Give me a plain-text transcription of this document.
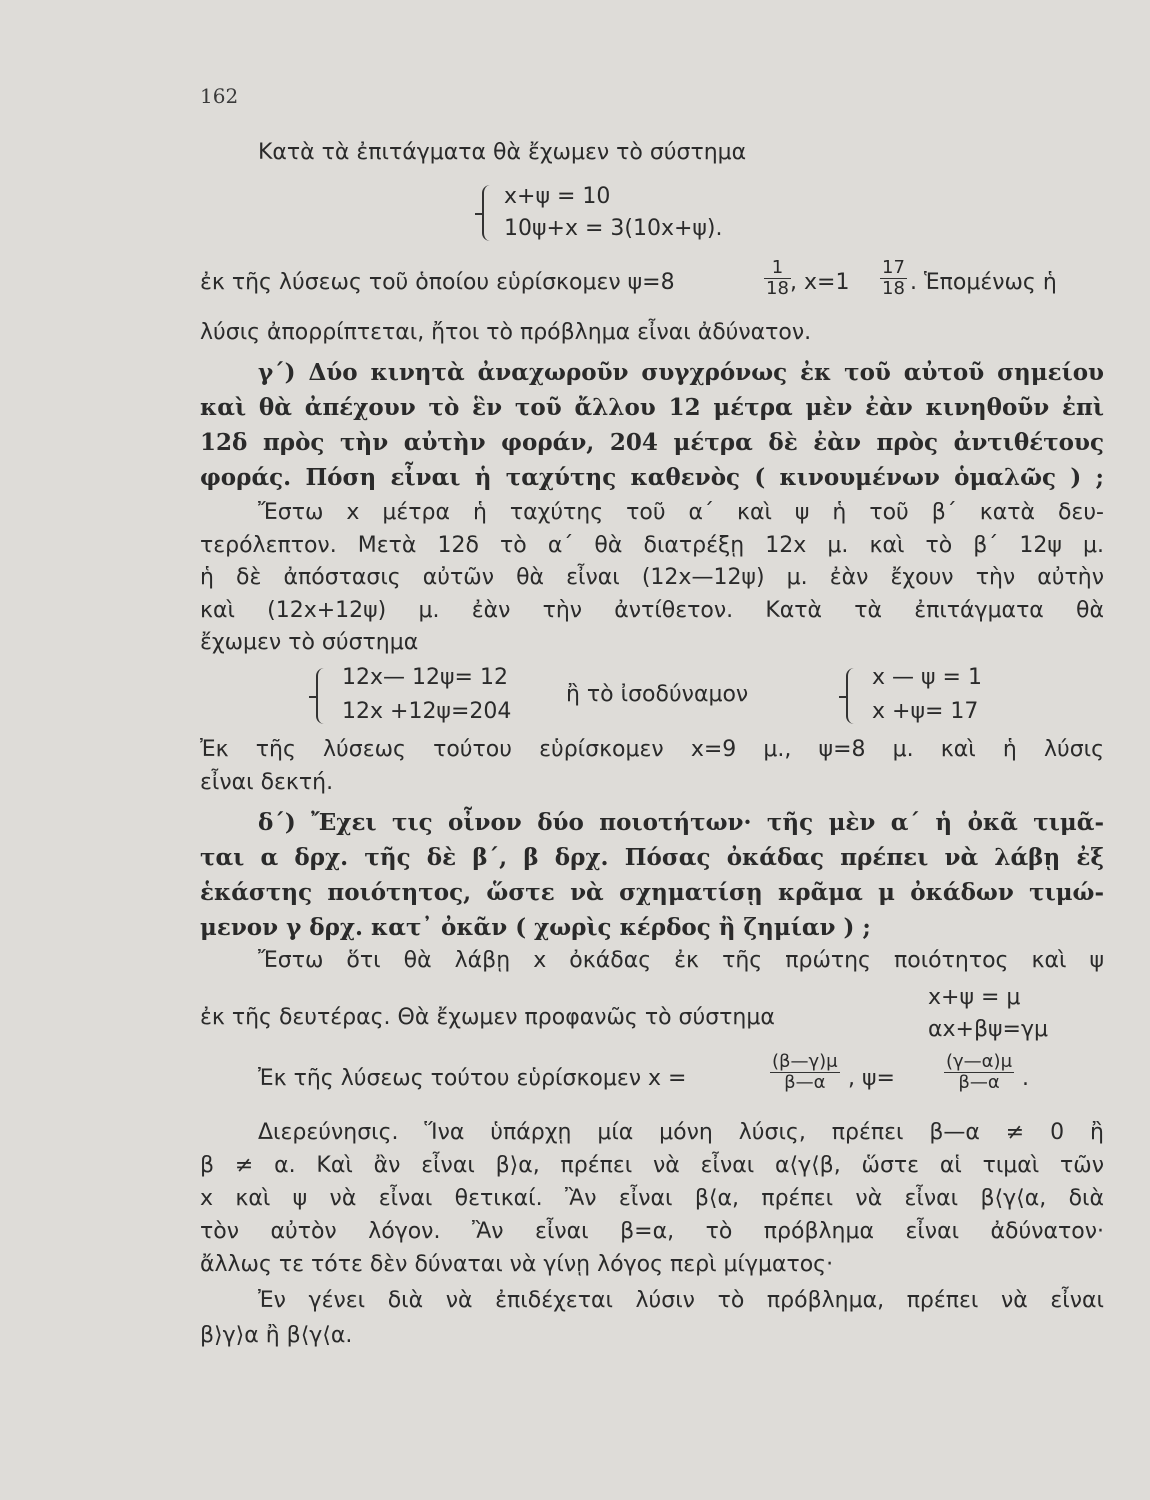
162
Κατὰ τὰ ἐπιτάγματα θὰ ἔχωμεν τὸ σύστημα
x+ψ = 10
10ψ+x = 3(10x+ψ).
ἐκ τῆς λύσεως τοῦ ὁποίου εὑρίσκομεν ψ=8	$\frac{1}{18}$ , $x=1 \frac{17}{18}$ . Ἑπομένως ἡ
λύσις ἀπορρίπτεται, ἤτοι τὸ πρόβλημα εἶναι ἀδύνατον.
γ΄) Δύο κινητὰ ἀναχωροῦν συγχρόνως ἐκ τοῦ αὐτοῦ σημείου
καὶ θὰ ἀπέχουν τὸ ἓν τοῦ ἄλλου 12 μέτρα μὲν ἐὰν κινηθοῦν ἐπὶ
12δ πρὸς τὴν αὐτὴν φοράν, 204 μέτρα δὲ ἐὰν πρὸς ἀντιθέτους
φοράς. Πόση εἶναι ἡ ταχύτης καθενὸς ( κινουμένων ὁμαλῶς ) ;
Ἔστω x μέτρα ἡ ταχύτης τοῦ α΄ καὶ ψ ἡ τοῦ β΄ κατὰ δευ-
τερόλεπτον. Μετὰ 12δ τὸ α΄ θὰ διατρέξῃ 12x μ. καὶ τὸ β΄ 12ψ μ.
ἡ δὲ ἀπόστασις αὐτῶν θὰ εἶναι (12x—12ψ) μ. ἐὰν ἔχουν τὴν αὐτὴν
καὶ (12x+12ψ) μ. ἐὰν τὴν ἀντίθετον. Κατὰ τὰ ἐπιτάγματα θὰ
ἔχωμεν τὸ σύστημα
12x— 12ψ= 12
12x +12ψ=204
ἢ τὸ ἰσοδύναμον
x — ψ = 1
x +ψ= 17
Ἐκ τῆς λύσεως τούτου εὑρίσκομεν x=9 μ., ψ=8 μ. καὶ ἡ λύσις
εἶναι δεκτή.
δ΄) Ἔχει τις οἶνον δύο ποιοτήτων· τῆς μὲν α΄ ἡ ὀκᾶ τιμᾶ-
ται α δρχ. τῆς δὲ β΄, β δρχ. Πόσας ὀκάδας πρέπει νὰ λάβῃ ἐξ
ἑκάστης ποιότητος, ὥστε νὰ σχηματίσῃ κρᾶμα μ ὀκάδων τιμώ-
μενον γ δρχ. κατ᾽ ὀκᾶν ( χωρὶς κέρδος ἢ ζημίαν ) ;
Ἔστω ὅτι θὰ λάβῃ x ὀκάδας ἐκ τῆς πρώτης ποιότητος καὶ ψ
ἐκ τῆς δευτέρας. Θὰ ἔχωμεν προφανῶς τὸ σύστημα
x+ψ = μ
αx+βψ=γμ
Ἐκ τῆς λύσεως τούτου εὑρίσκομεν x =	$\frac{(\beta—\gamma)\mu}{\beta—\alpha}$ , ψ=	$\frac{(\gamma—\alpha)\mu}{\beta—\alpha}$ .
Διερεύνησις. Ἵνα ὑπάρχῃ μία μόνη λύσις, πρέπει β—α ≠ 0 ἢ
β ≠ α. Καὶ ἂν εἶναι β⟩α, πρέπει νὰ εἶναι α⟨γ⟨β, ὥστε αἱ τιμαὶ τῶν
x καὶ ψ νὰ εἶναι θετικαί. Ἂν εἶναι β⟨α, πρέπει νὰ εἶναι β⟨γ⟨α, διὰ
τὸν αὐτὸν λόγον. Ἂν εἶναι β=α, τὸ πρόβλημα εἶναι ἀδύνατον·
ἄλλως τε τότε δὲν δύναται νὰ γίνῃ λόγος περὶ μίγματος·
Ἐν γένει διὰ νὰ ἐπιδέχεται λύσιν τὸ πρόβλημα, πρέπει νὰ εἶναι
β⟩γ⟩α ἢ β⟨γ⟨α.
